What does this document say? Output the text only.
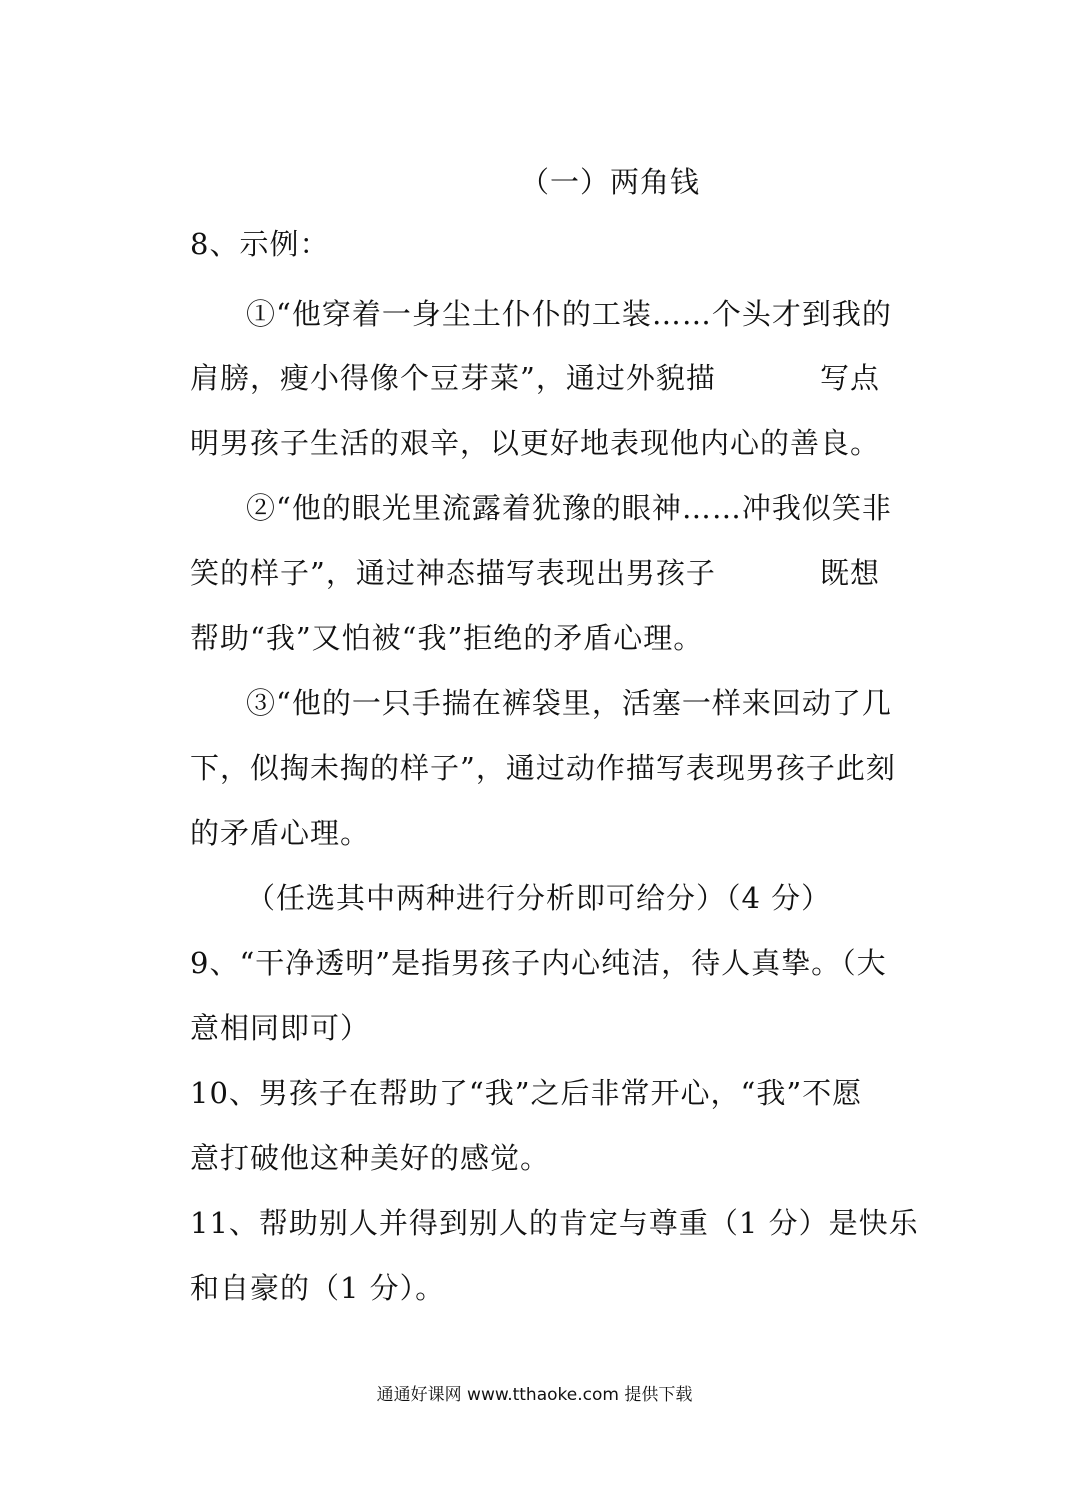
（一）两角钱
8、示例：
①“他穿着一身尘土仆仆的工装……个头才到我的
肩膀，瘦小得像个豆芽菜”，通过外貌描	写点
明男孩子生活的艰辛，以更好地表现他内心的善良。
②“他的眼光里流露着犹豫的眼神……冲我似笑非
笑的样子”，通过神态描写表现出男孩子	既想
帮助“我”又怕被“我”拒绝的矛盾心理。
③“他的一只手揣在裤袋里，活塞一样来回动了几
下，似掏未掏的样子”，通过动作描写表现男孩子此刻
的矛盾心理。
（任选其中两种进行分析即可给分）（4 分）
9、“干净透明”是指男孩子内心纯洁，待人真挚。（大
意相同即可）
10、男孩子在帮助了“我”之后非常开心，“我”不愿
意打破他这种美好的感觉。
11、帮助别人并得到别人的肯定与尊重（1 分）是快乐
和自豪的（1 分）。
通通好课网 www.tthaoke.com 提供下载
